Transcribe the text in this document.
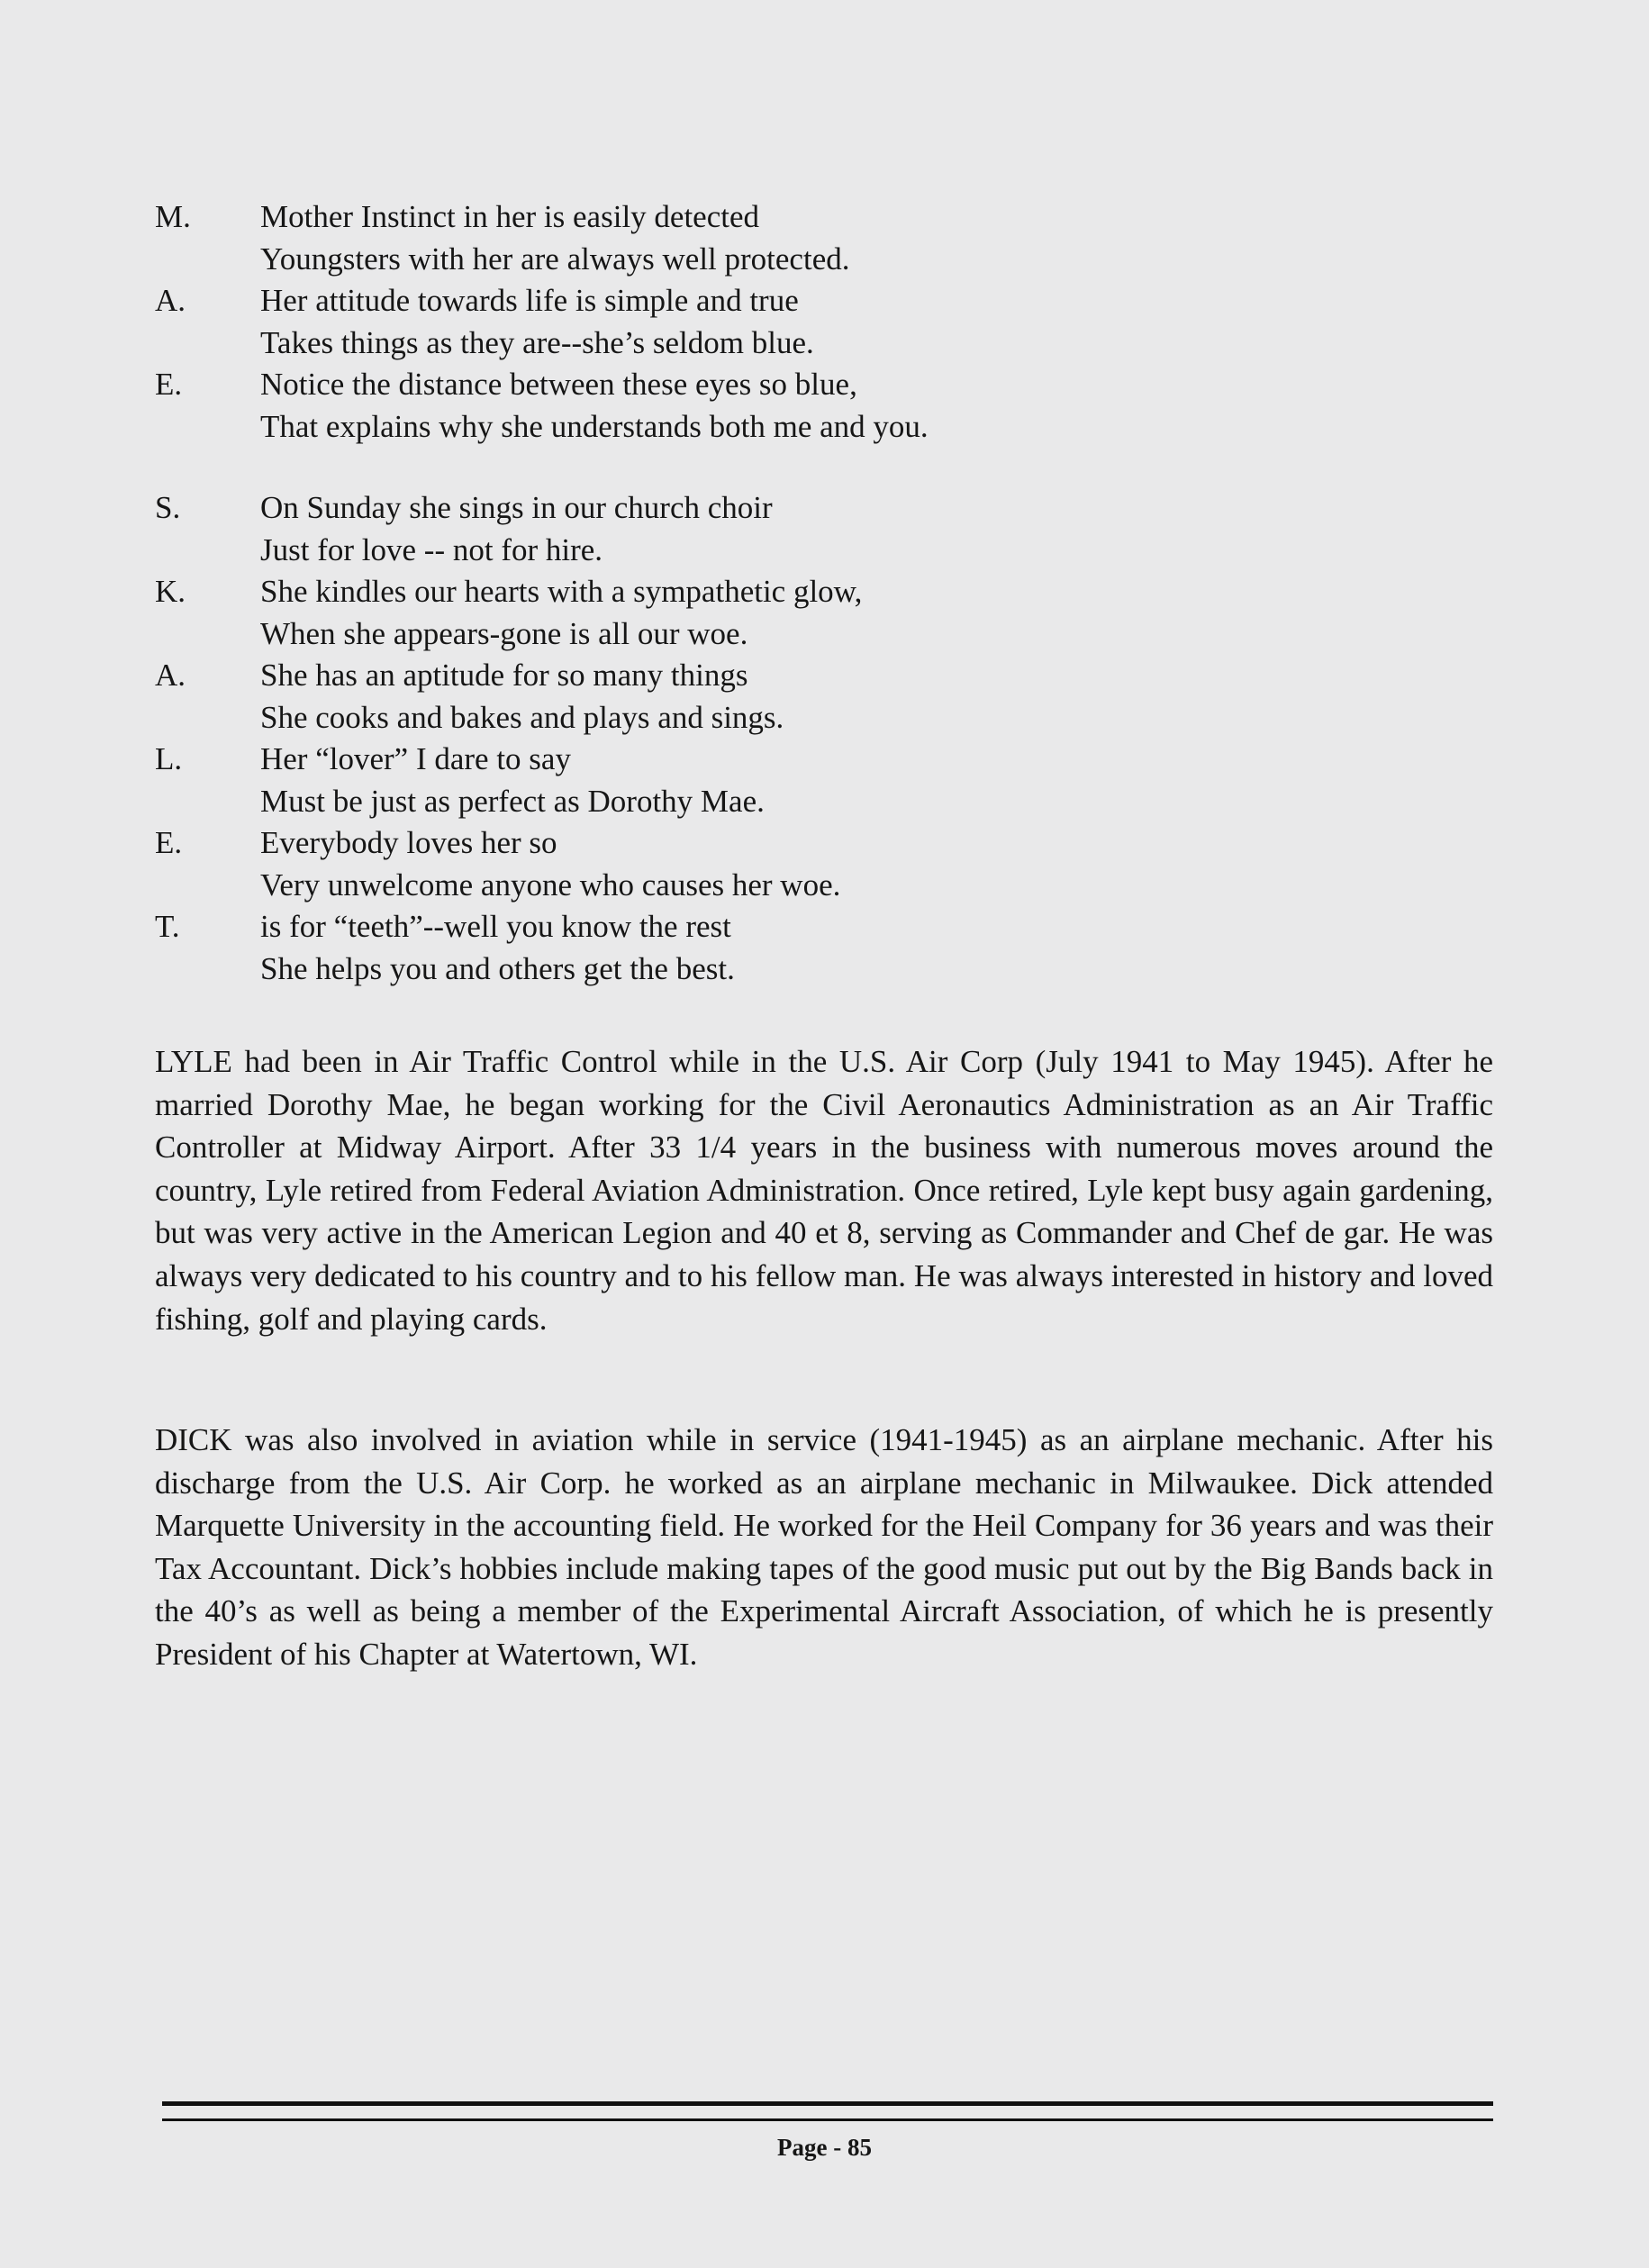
M.	Mother Instinct in her is easily detected
Youngsters with her are always well protected.
A.	Her attitude towards life is simple and true
Takes things as they are--she’s seldom blue.
E.	Notice the distance between these eyes so blue,
That explains why she understands both me and you.
S.	On Sunday she sings in our church choir
Just for love -- not for hire.
K.	She kindles our hearts with a sympathetic glow,
When she appears-gone is all our woe.
A.	She has an aptitude for so many things
She cooks and bakes and plays and sings.
L.	Her “lover” I dare to say
Must be just as perfect as Dorothy Mae.
E.	Everybody loves her so
Very unwelcome anyone who causes her woe.
T.	is for “teeth”--well you know the rest
She helps you and others get the best.

LYLE had been in Air Traffic Control while in the U.S. Air Corp (July 1941 to May 1945). After he married Dorothy Mae, he began working for the Civil Aeronautics Administration as an Air Traffic Controller at Midway Airport. After 33 1/4 years in the business with numerous moves around the country, Lyle retired from Federal Aviation Administration. Once retired, Lyle kept busy again gardening, but was very active in the American Legion and 40 et 8, serving as Commander and Chef de gar. He was always very dedicated to his country and to his fellow man. He was always interested in history and loved fishing, golf and playing cards.

DICK was also involved in aviation while in service (1941-1945) as an airplane mechanic. After his discharge from the U.S. Air Corp. he worked as an airplane mechanic in Milwaukee. Dick attended Marquette University in the accounting field. He worked for the Heil Company for 36 years and was their Tax Accountant. Dick’s hobbies include making tapes of the good music put out by the Big Bands back in the 40’s as well as being a member of the Experimental Aircraft Association, of which he is presently President of his Chapter at Watertown, WI.

Page - 85
